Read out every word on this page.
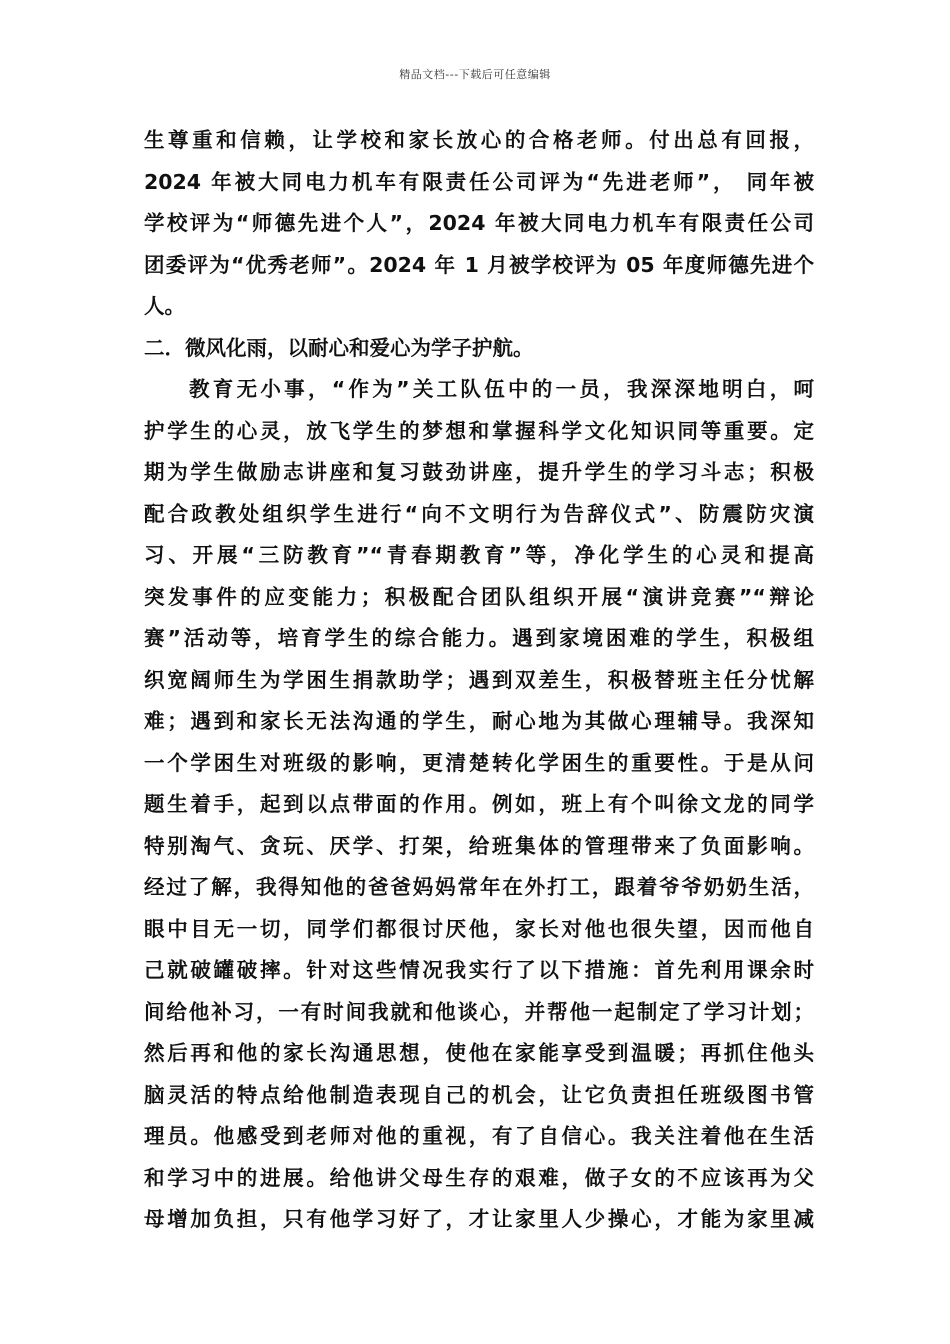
精品文档---下载后可任意编辑
生尊重和信赖，让学校和家长放心的合格老师。付出总有回报，
2024 年被大同电力机车有限责任公司评为“先进老师”， 同年被
学校评为“师德先进个人”，2024 年被大同电力机车有限责任公司
团委评为“优秀老师”。2024 年 1 月被学校评为 05 年度师德先进个
人。
二．微风化雨，以耐心和爱心为学子护航。
教育无小事，“作为”关工队伍中的一员，我深深地明白，呵
护学生的心灵，放飞学生的梦想和掌握科学文化知识同等重要。定
期为学生做励志讲座和复习鼓劲讲座，提升学生的学习斗志；积极
配合政教处组织学生进行“向不文明行为告辞仪式”、防震防灾演
习、开展“三防教育”“青春期教育”等，净化学生的心灵和提高
突发事件的应变能力；积极配合团队组织开展“演讲竞赛”“辩论
赛”活动等，培育学生的综合能力。遇到家境困难的学生，积极组
织宽阔师生为学困生捐款助学；遇到双差生，积极替班主任分忧解
难；遇到和家长无法沟通的学生，耐心地为其做心理辅导。我深知
一个学困生对班级的影响，更清楚转化学困生的重要性。于是从问
题生着手，起到以点带面的作用。例如，班上有个叫徐文龙的同学
特别淘气、贪玩、厌学、打架，给班集体的管理带来了负面影响。
经过了解，我得知他的爸爸妈妈常年在外打工，跟着爷爷奶奶生活，
眼中目无一切，同学们都很讨厌他，家长对他也很失望，因而他自
己就破罐破摔。针对这些情况我实行了以下措施：首先利用课余时
间给他补习，一有时间我就和他谈心，并帮他一起制定了学习计划；
然后再和他的家长沟通思想，使他在家能享受到温暖；再抓住他头
脑灵活的特点给他制造表现自己的机会，让它负责担任班级图书管
理员。他感受到老师对他的重视，有了自信心。我关注着他在生活
和学习中的进展。给他讲父母生存的艰难，做子女的不应该再为父
母增加负担，只有他学习好了，才让家里人少操心，才能为家里减
